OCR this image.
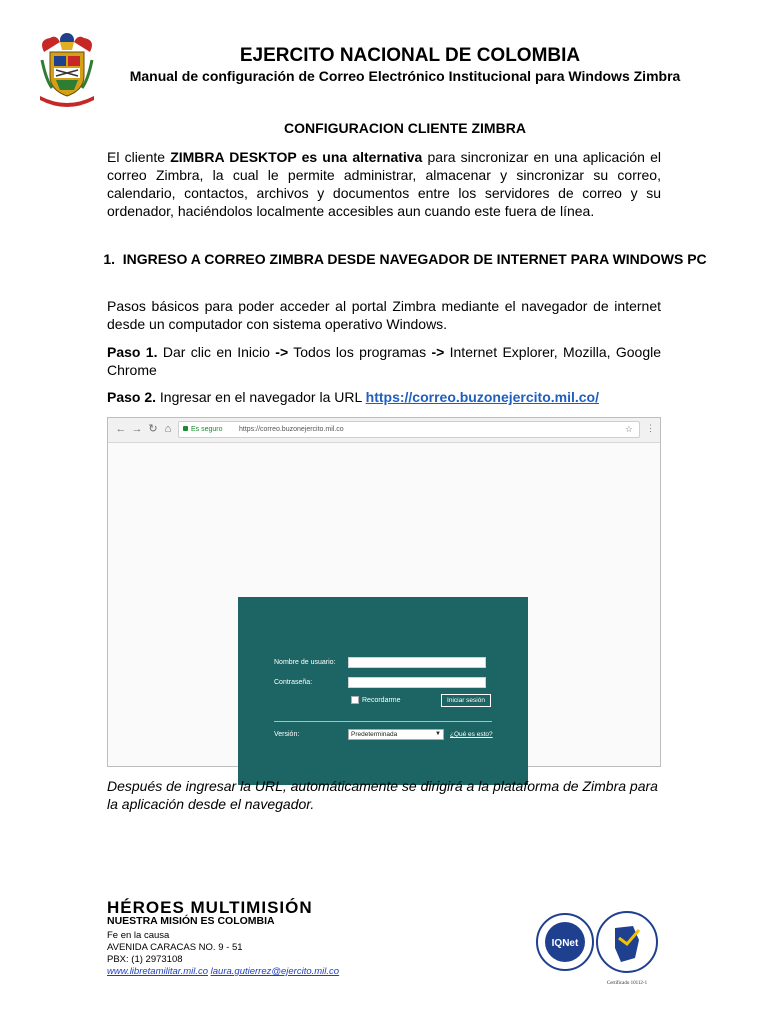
EJERCITO NACIONAL DE COLOMBIA
Manual de configuración de Correo Electrónico Institucional para Windows Zimbra
CONFIGURACION CLIENTE ZIMBRA
El cliente ZIMBRA DESKTOP es una alternativa para sincronizar en una aplicación el correo Zimbra, la cual le permite administrar, almacenar y sincronizar su correo, calendario, contactos, archivos y documentos entre los servidores de correo y su ordenador, haciéndolos localmente accesibles aun cuando este fuera de línea.
1. INGRESO A CORREO ZIMBRA DESDE NAVEGADOR DE INTERNET PARA WINDOWS PC
Pasos básicos para poder acceder al portal Zimbra mediante el navegador de internet desde un computador con sistema operativo Windows.
Paso 1. Dar clic en Inicio -> Todos los programas -> Internet Explorer, Mozilla, Google Chrome
Paso 2. Ingresar en el navegador la URL https://correo.buzonejercito.mil.co/
← → ↻ ⌂	Es seguro https://correo.buzonejercito.mil.co	☆ ⋮
Nombre de usuario:
Contraseña:
Recordarme	Iniciar sesión
Versión:	Predeterminada	▼ ¿Qué es esto?
Después de ingresar la URL, automáticamente se dirigirá a la plataforma de Zimbra para la aplicación desde el navegador.
HÉROES MULTIMISIÓN
NUESTRA MISIÓN ES COLOMBIA
Fe en la causa
AVENIDA CARACAS NO. 9 - 51
PBX: (1) 2973108
www.libretamilitar.mil.co laura.gutierrez@ejercito.mil.co
IQNet
Certificado 10112-1
